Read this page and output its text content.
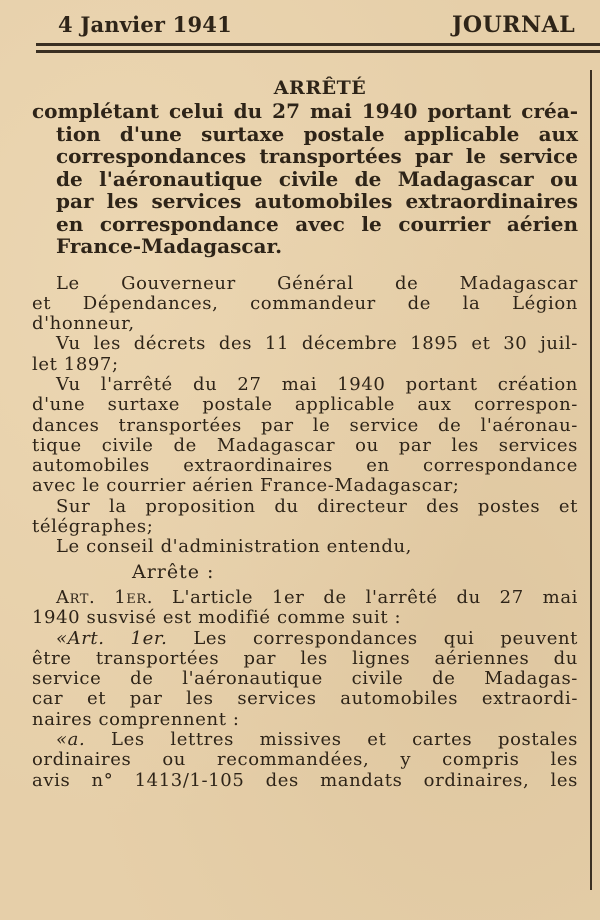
4 Janvier 1941	JOURNAL
ARRÊTÉ
complétant celui du 27 mai 1940 portant créa-
tion d'une surtaxe postale applicable aux
correspondances transportées par le service
de l'aéronautique civile de Madagascar ou
par les services automobiles extraordinaires
en correspondance avec le courrier aérien
France-Madagascar.
Le Gouverneur Général de Madagascar
et Dépendances, commandeur de la Légion
d'honneur,
Vu les décrets des 11 décembre 1895 et 30 juil-
let 1897;
Vu l'arrêté du 27 mai 1940 portant création
d'une surtaxe postale applicable aux correspon-
dances transportées par le service de l'aéronau-
tique civile de Madagascar ou par les services
automobiles extraordinaires en correspondance
avec le courrier aérien France-Madagascar;
Sur la proposition du directeur des postes et
télégraphes;
Le conseil d'administration entendu,
Arrête :
Art. 1er. L'article 1er de l'arrêté du 27 mai
1940 susvisé est modifié comme suit :
«Art. 1er. Les correspondances qui peuvent
être transportées par les lignes aériennes du
service de l'aéronautique civile de Madagas-
car et par les services automobiles extraordi-
naires comprennent :
«a. Les lettres missives et cartes postales
ordinaires ou recommandées, y compris les
avis n° 1413/1-105 des mandats ordinaires, les
